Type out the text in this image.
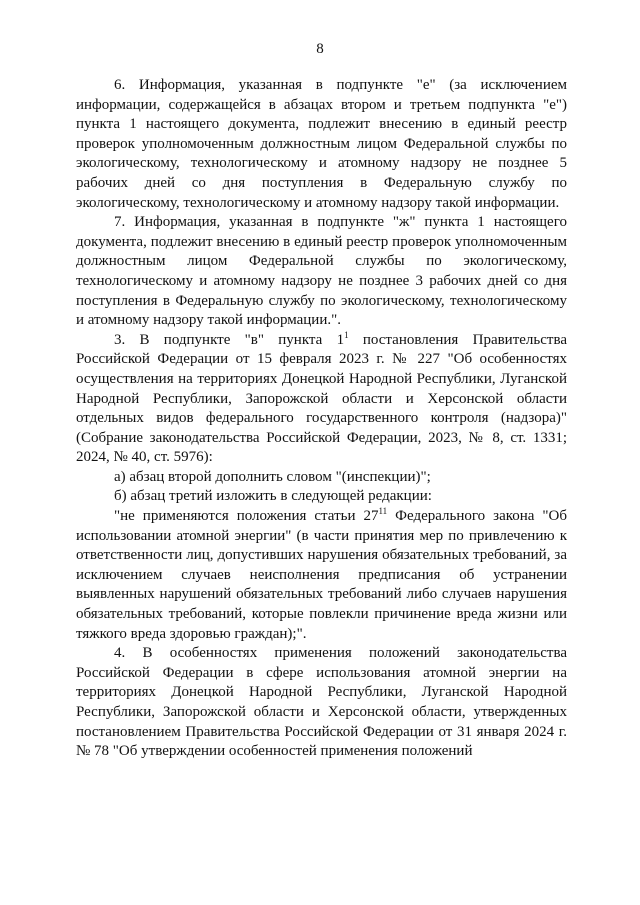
8

6. Информация, указанная в подпункте "е" (за исключением информации, содержащейся в абзацах втором и третьем подпункта "е") пункта 1 настоящего документа, подлежит внесению в единый реестр проверок уполномоченным должностным лицом Федеральной службы по экологическому, технологическому и атомному надзору не позднее 5 рабочих дней со дня поступления в Федеральную службу по экологическому, технологическому и атомному надзору такой информации.

7. Информация, указанная в подпункте "ж" пункта 1 настоящего документа, подлежит внесению в единый реестр проверок уполномоченным должностным лицом Федеральной службы по экологическому, технологическому и атомному надзору не позднее 3 рабочих дней со дня поступления в Федеральную службу по экологическому, технологическому и атомному надзору такой информации.".

3. В подпункте "в" пункта $1^1$ постановления Правительства Российской Федерации от 15 февраля 2023 г. № 227 "Об особенностях осуществления на территориях Донецкой Народной Республики, Луганской Народной Республики, Запорожской области и Херсонской области отдельных видов федерального государственного контроля (надзора)" (Собрание законодательства Российской Федерации, 2023, № 8, ст. 1331; 2024, № 40, ст. 5976):

а) абзац второй дополнить словом "(инспекции)";

б) абзац третий изложить в следующей редакции:

"не применяются положения статьи $27^{11}$ Федерального закона "Об использовании атомной энергии" (в части принятия мер по привлечению к ответственности лиц, допустивших нарушения обязательных требований, за исключением случаев неисполнения предписания об устранении выявленных нарушений обязательных требований либо случаев нарушения обязательных требований, которые повлекли причинение вреда жизни или тяжкого вреда здоровью граждан);".

4. В особенностях применения положений законодательства Российской Федерации в сфере использования атомной энергии на территориях Донецкой Народной Республики, Луганской Народной Республики, Запорожской области и Херсонской области, утвержденных постановлением Правительства Российской Федерации от 31 января 2024 г. № 78 "Об утверждении особенностей применения положений
